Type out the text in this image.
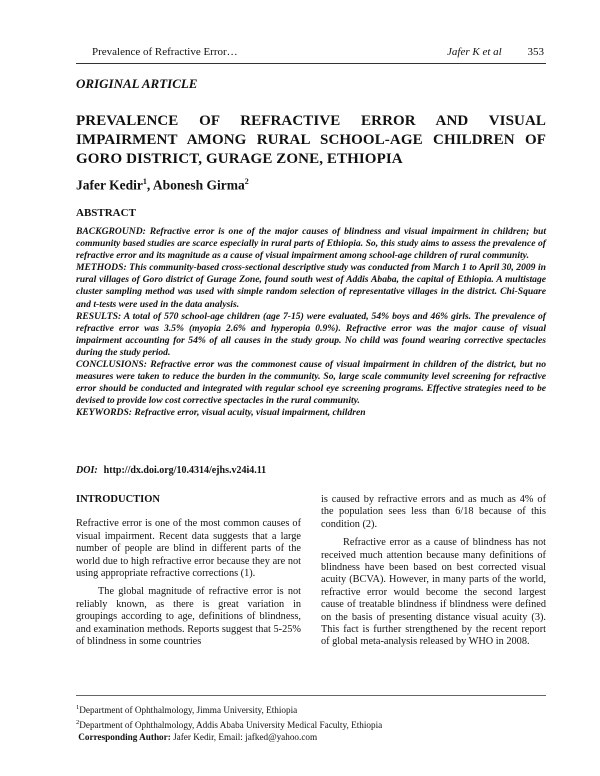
Prevalence of Refractive Error…	Jafer K et al 353
ORIGINAL ARTICLE
PREVALENCE OF REFRACTIVE ERROR AND VISUAL IMPAIRMENT AMONG RURAL SCHOOL-AGE CHILDREN OF GORO DISTRICT, GURAGE ZONE, ETHIOPIA
Jafer Kedir$^1$, Abonesh Girma$^2$
ABSTRACT

BACKGROUND: Refractive error is one of the major causes of blindness and visual impairment in children; but community based studies are scarce especially in rural parts of Ethiopia. So, this study aims to assess the prevalence of refractive error and its magnitude as a cause of visual impairment among school-age children of rural community.

METHODS: This community-based cross-sectional descriptive study was conducted from March 1 to April 30, 2009 in rural villages of Goro district of Gurage Zone, found south west of Addis Ababa, the capital of Ethiopia. A multistage cluster sampling method was used with simple random selection of representative villages in the district. Chi-Square and t-tests were used in the data analysis.

RESULTS: A total of 570 school-age children (age 7-15) were evaluated, 54% boys and 46% girls. The prevalence of refractive error was 3.5% (myopia 2.6% and hyperopia 0.9%). Refractive error was the major cause of visual impairment accounting for 54% of all causes in the study group. No child was found wearing corrective spectacles during the study period.

CONCLUSIONS: Refractive error was the commonest cause of visual impairment in children of the district, but no measures were taken to reduce the burden in the community. So, large scale community level screening for refractive error should be conducted and integrated with regular school eye screening programs. Effective strategies need to be devised to provide low cost corrective spectacles in the rural community.

KEYWORDS: Refractive error, visual acuity, visual impairment, children

DOI: http://dx.doi.org/10.4314/ejhs.v24i4.11

INTRODUCTION

Refractive error is one of the most common causes of visual impairment. Recent data suggests that a large number of people are blind in different parts of the world due to high refractive error because they are not using appropriate refractive corrections (1).

The global magnitude of refractive error is not reliably known, as there is great variation in groupings according to age, definitions of blindness, and examination methods. Reports suggest that 5-25% of blindness in some countries

is caused by refractive errors and as much as 4% of the population sees less than 6/18 because of this condition (2).

Refractive error as a cause of blindness has not received much attention because many definitions of blindness have been based on best corrected visual acuity (BCVA). However, in many parts of the world, refractive error would become the second largest cause of treatable blindness if blindness were defined on the basis of presenting distance visual acuity (3). This fact is further strengthened by the recent report of global meta-analysis released by WHO in 2008.

$^1$Department of Ophthalmology, Jimma University, Ethiopia
$^2$Department of Ophthalmology, Addis Ababa University Medical Faculty, Ethiopia
Corresponding Author: Jafer Kedir, Email: jafked@yahoo.com
